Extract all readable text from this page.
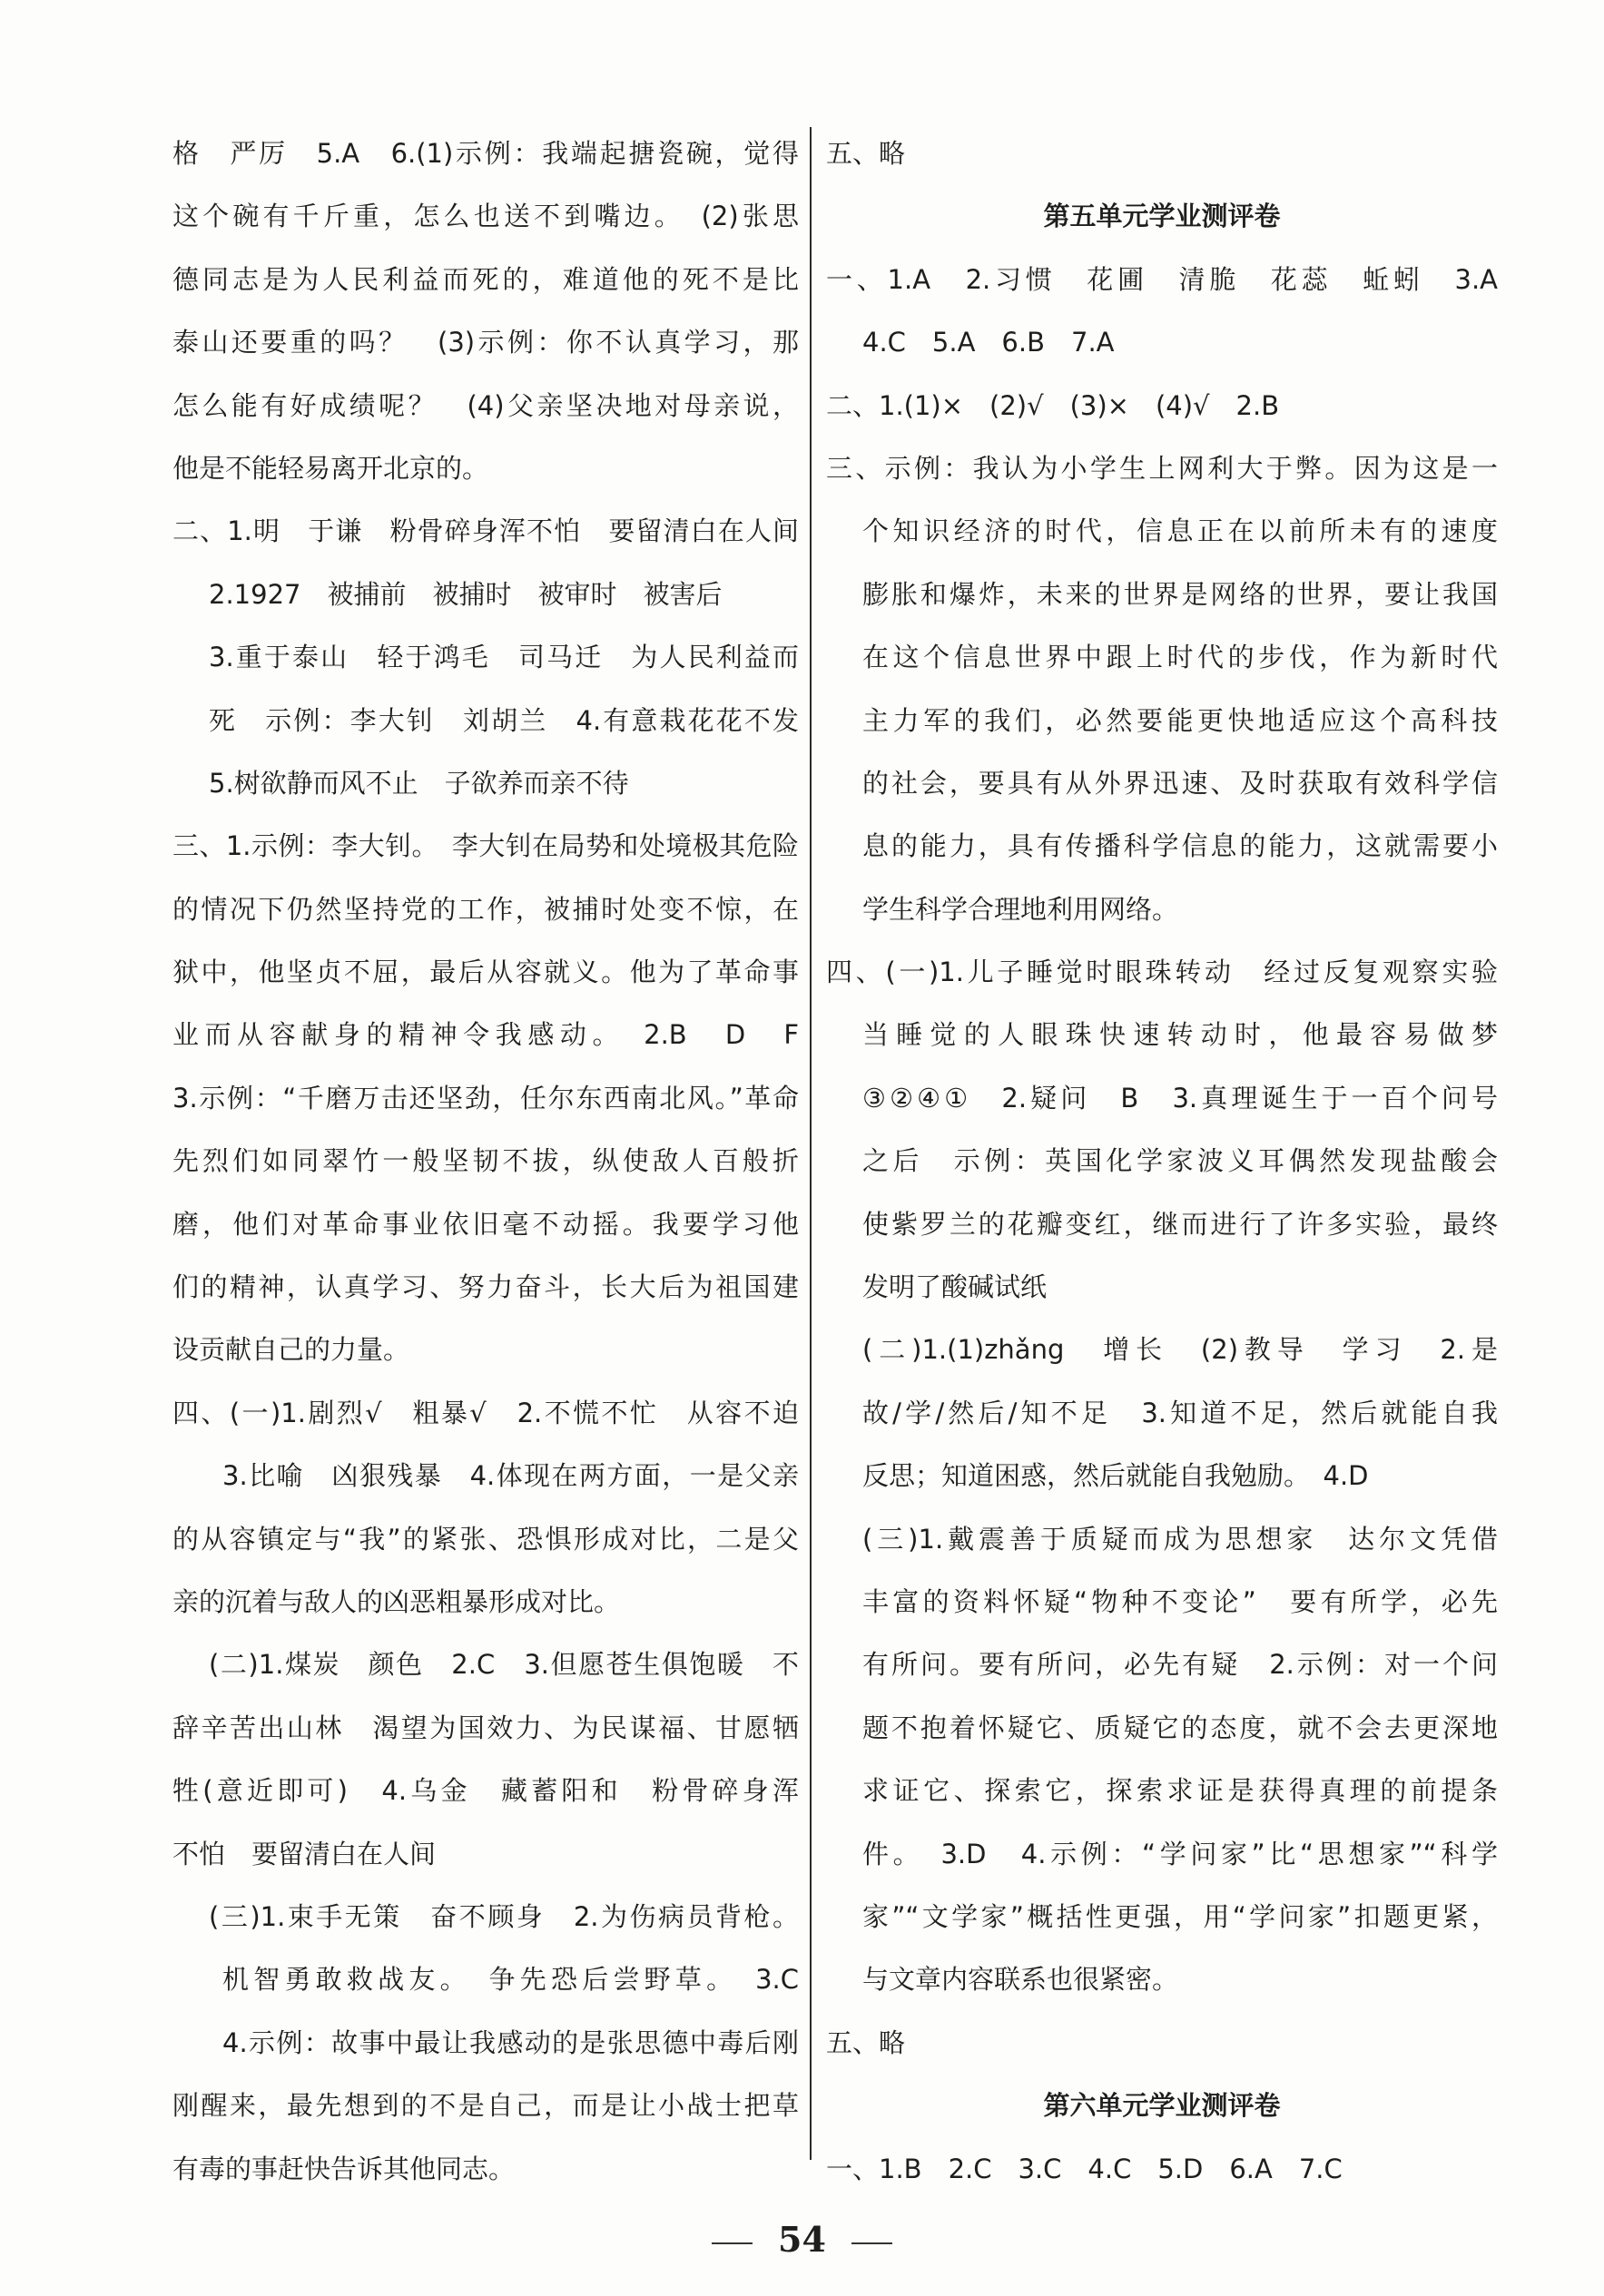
格　严厉　5.A　6.(1)示例：我端起搪瓷碗，觉得
这个碗有千斤重，怎么也送不到嘴边。　(2)张思
德同志是为人民利益而死的，难道他的死不是比
泰山还要重的吗？　(3)示例：你不认真学习，那
怎么能有好成绩呢？　(4)父亲坚决地对母亲说，
他是不能轻易离开北京的。
二、1.明　于谦　粉骨碎身浑不怕　要留清白在人间
2.1927　被捕前　被捕时　被审时　被害后
3.重于泰山　轻于鸿毛　司马迁　为人民利益而
死　示例：李大钊　刘胡兰　4.有意栽花花不发
5.树欲静而风不止　子欲养而亲不待
三、1.示例：李大钊。　李大钊在局势和处境极其危险
的情况下仍然坚持党的工作，被捕时处变不惊，在
狱中，他坚贞不屈，最后从容就义。他为了革命事
业而从容献身的精神令我感动。　2.B　D　F
3.示例：“千磨万击还坚劲，任尔东西南北风。”革命
先烈们如同翠竹一般坚韧不拔，纵使敌人百般折
磨，他们对革命事业依旧毫不动摇。我要学习他
们的精神，认真学习、努力奋斗，长大后为祖国建
设贡献自己的力量。
四、(一)1.剧烈√　粗暴√　2.不慌不忙　从容不迫
3.比喻　凶狠残暴　4.体现在两方面，一是父亲
的从容镇定与“我”的紧张、恐惧形成对比，二是父
亲的沉着与敌人的凶恶粗暴形成对比。
(二)1.煤炭　颜色　2.C　3.但愿苍生俱饱暖　不
辞辛苦出山林　渴望为国效力、为民谋福、甘愿牺
牲(意近即可)　4.乌金　藏蓄阳和　粉骨碎身浑
不怕　要留清白在人间
(三)1.束手无策　奋不顾身　2.为伤病员背枪。
机智勇敢救战友。　争先恐后尝野草。　3.C
4.示例：故事中最让我感动的是张思德中毒后刚
刚醒来，最先想到的不是自己，而是让小战士把草
有毒的事赶快告诉其他同志。
五、略
第五单元学业测评卷
一、1.A　2.习惯　花圃　清脆　花蕊　蚯蚓　3.A
4.C　5.A　6.B　7.A
二、1.(1)×　(2)√　(3)×　(4)√　2.B
三、示例：我认为小学生上网利大于弊。因为这是一
个知识经济的时代，信息正在以前所未有的速度
膨胀和爆炸，未来的世界是网络的世界，要让我国
在这个信息世界中跟上时代的步伐，作为新时代
主力军的我们，必然要能更快地适应这个高科技
的社会，要具有从外界迅速、及时获取有效科学信
息的能力，具有传播科学信息的能力，这就需要小
学生科学合理地利用网络。
四、(一)1.儿子睡觉时眼珠转动　经过反复观察实验
当睡觉的人眼珠快速转动时，他最容易做梦
③②④①　2.疑问　B　3.真理诞生于一百个问号
之后　示例：英国化学家波义耳偶然发现盐酸会
使紫罗兰的花瓣变红，继而进行了许多实验，最终
发明了酸碱试纸
(二)1.(1)zhǎng　增长　(2)教导　学习　2.是
故/学/然后/知不足　3.知道不足，然后就能自我
反思；知道困惑，然后就能自我勉励。　4.D
(三)1.戴震善于质疑而成为思想家　达尔文凭借
丰富的资料怀疑“物种不变论”　要有所学，必先
有所问。要有所问，必先有疑　2.示例：对一个问
题不抱着怀疑它、质疑它的态度，就不会去更深地
求证它、探索它，探索求证是获得真理的前提条
件。　3.D　4.示例：“学问家”比“思想家”“科学
家”“文学家”概括性更强，用“学问家”扣题更紧，
与文章内容联系也很紧密。
五、略
第六单元学业测评卷
一、1.B　2.C　3.C　4.C　5.D　6.A　7.C
54
